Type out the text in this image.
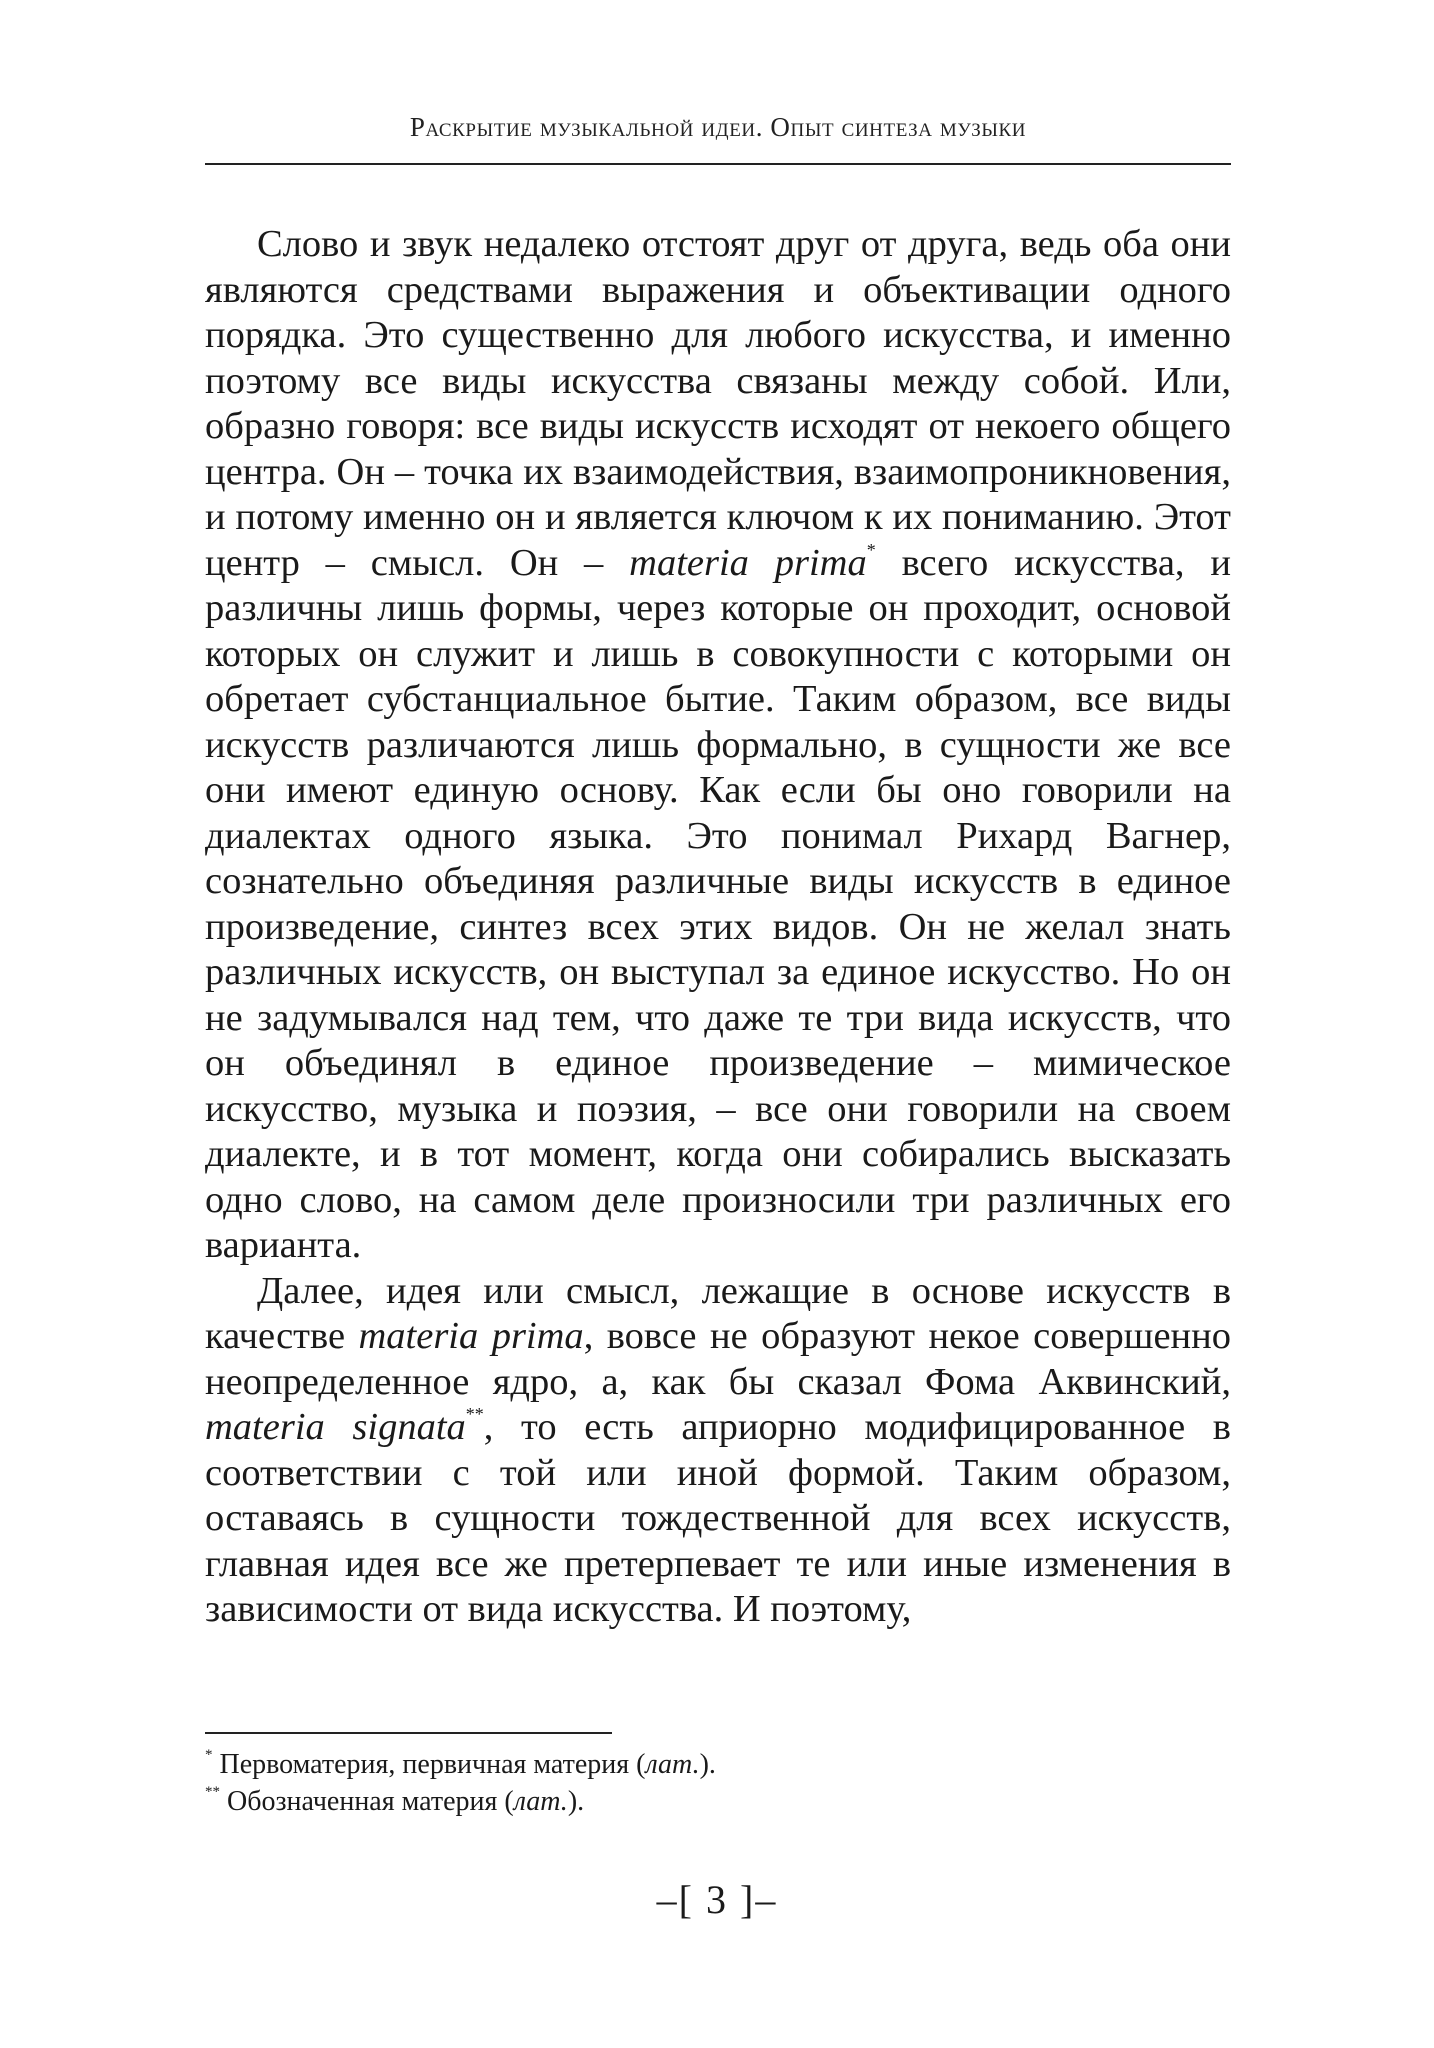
Раскрытие музыкальной идеи. Опыт синтеза музыки

Слово и звук недалеко отстоят друг от друга, ведь оба они являются средствами выражения и объективации одного порядка. Это существенно для любого искусства, и именно поэтому все виды искусства связаны между собой. Или, образно говоря: все виды искусств исходят от некоего общего центра. Он – точка их взаимодействия, взаимопроникновения, и потому именно он и является ключом к их пониманию. Этот центр – смысл. Он – materia prima* всего искусства, и различны лишь формы, через которые он проходит, основой которых он служит и лишь в совокупности с которыми он обретает субстанциальное бытие. Таким образом, все виды искусств различаются лишь формально, в сущности же все они имеют единую основу. Как если бы оно говорили на диалектах одного языка. Это понимал Рихард Вагнер, сознательно объединяя различные виды искусств в единое произведение, синтез всех этих видов. Он не желал знать различных искусств, он выступал за единое искусство. Но он не задумывался над тем, что даже те три вида искусств, что он объединял в единое произведение – мимическое искусство, музыка и поэзия, – все они говорили на своем диалекте, и в тот момент, когда они собирались высказать одно слово, на самом деле произносили три различных его варианта.

Далее, идея или смысл, лежащие в основе искусств в качестве materia prima, вовсе не образуют некое совершенно неопределенное ядро, а, как бы сказал Фома Аквинский, materia signata**, то есть априорно модифицированное в соответствии с той или иной формой. Таким образом, оставаясь в сущности тождественной для всех искусств, главная идея все же претерпевает те или иные изменения в зависимости от вида искусства. И поэтому,

* Первоматерия, первичная материя (лат.).

** Обозначенная материя (лат.).

–[ 3 ]–
